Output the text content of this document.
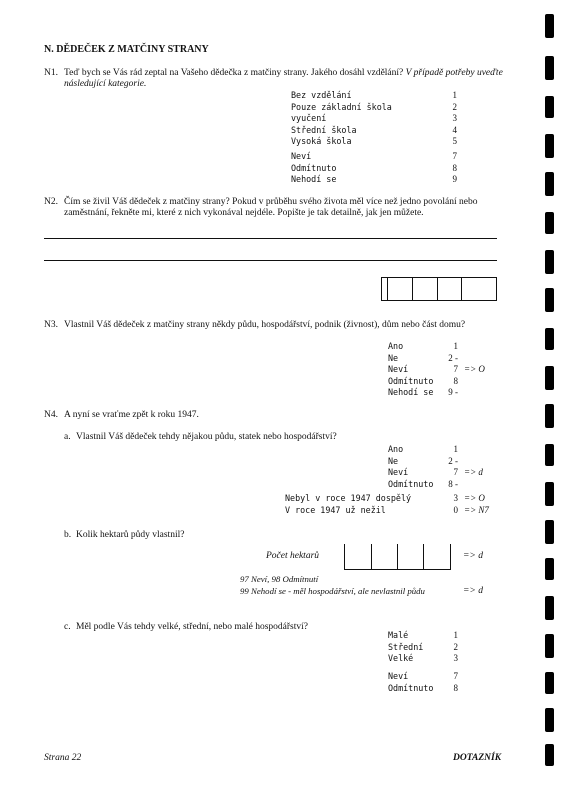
N. DĚDEČEK Z MATČINY STRANY
N1. Teď bych se Vás rád zeptal na Vašeho dědečka z matčiny strany. Jakého dosáhl vzdělání? V případě potřeby uveďte následující kategorie.
Bez vzdělání	1
Pouze základní škola	2
vyučení	3
Střední škola	4
Vysoká škola	5
Neví	7
Odmítnuto	8
Nehodí se	9
N2. Čím se živil Váš dědeček z matčiny strany? Pokud v průběhu svého života měl více než jedno povolání nebo zaměstnání, řekněte mi, které z nich vykonával nejdéle. Popište je tak detailně, jak jen můžete.
N3. Vlastnil Váš dědeček z matčiny strany někdy půdu, hospodářství, podnik (živnost), dům nebo část domu?
Ano	1	
Ne	2 -	
Neví	7	=> O
Odmítnuto	8	
Nehodí se	9 -	
N4. A nyní se vraťme zpět k roku 1947.
a. Vlastnil Váš dědeček tehdy nějakou půdu, statek nebo hospodářství?
Ano	1	
Ne	2 -	
Neví	7	=> d
Odmítnuto	8 -	
Nebyl v roce 1947 dospělý	3	=> O
V roce 1947 už nežil	0	=> N7
b. Kolik hektarů půdy vlastnil?
Počet hektarů	=> d
97 Neví, 98 Odmítnutí
99 Nehodí se - měl hospodářství, ale nevlastnil půdu	=> d
c. Měl podle Vás tehdy velké, střední, nebo malé hospodářství?
Malé	1
Střední	2
Velké	3
Neví	7
Odmítnuto	8
Strana 22	DOTAZNÍK
